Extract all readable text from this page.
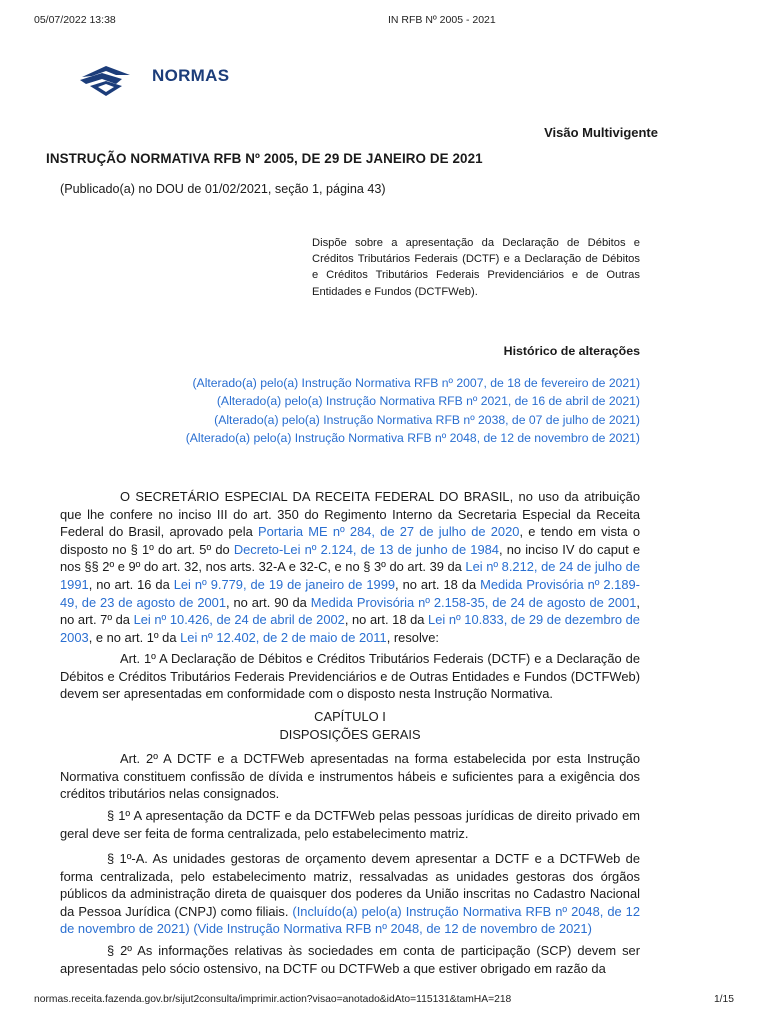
05/07/2022 13:38	IN RFB Nº 2005 - 2021
NORMAS
Visão Multivigente
INSTRUÇÃO NORMATIVA RFB Nº 2005, DE 29 DE JANEIRO DE 2021
(Publicado(a) no DOU de 01/02/2021, seção 1, página 43)
Dispõe sobre a apresentação da Declaração de Débitos e Créditos Tributários Federais (DCTF) e a Declaração de Débitos e Créditos Tributários Federais Previdenciários e de Outras Entidades e Fundos (DCTFWeb).
Histórico de alterações
(Alterado(a) pelo(a) Instrução Normativa RFB nº 2007, de 18 de fevereiro de 2021)
(Alterado(a) pelo(a) Instrução Normativa RFB nº 2021, de 16 de abril de 2021)
(Alterado(a) pelo(a) Instrução Normativa RFB nº 2038, de 07 de julho de 2021)
(Alterado(a) pelo(a) Instrução Normativa RFB nº 2048, de 12 de novembro de 2021)

O SECRETÁRIO ESPECIAL DA RECEITA FEDERAL DO BRASIL, no uso da atribuição que lhe confere no inciso III do art. 350 do Regimento Interno da Secretaria Especial da Receita Federal do Brasil, aprovado pela Portaria ME nº 284, de 27 de julho de 2020, e tendo em vista o disposto no § 1º do art. 5º do Decreto-Lei nº 2.124, de 13 de junho de 1984, no inciso IV do caput e nos §§ 2º e 9º do art. 32, nos arts. 32-A e 32-C, e no § 3º do art. 39 da Lei nº 8.212, de 24 de julho de 1991, no art. 16 da Lei nº 9.779, de 19 de janeiro de 1999, no art. 18 da Medida Provisória nº 2.189-49, de 23 de agosto de 2001, no art. 90 da Medida Provisória nº 2.158-35, de 24 de agosto de 2001, no art. 7º da Lei nº 10.426, de 24 de abril de 2002, no art. 18 da Lei nº 10.833, de 29 de dezembro de 2003, e no art. 1º da Lei nº 12.402, de 2 de maio de 2011, resolve:

Art. 1º A Declaração de Débitos e Créditos Tributários Federais (DCTF) e a Declaração de Débitos e Créditos Tributários Federais Previdenciários e de Outras Entidades e Fundos (DCTFWeb) devem ser apresentadas em conformidade com o disposto nesta Instrução Normativa.

CAPÍTULO I
DISPOSIÇÕES GERAIS

Art. 2º A DCTF e a DCTFWeb apresentadas na forma estabelecida por esta Instrução Normativa constituem confissão de dívida e instrumentos hábeis e suficientes para a exigência dos créditos tributários nelas consignados.

§ 1º A apresentação da DCTF e da DCTFWeb pelas pessoas jurídicas de direito privado em geral deve ser feita de forma centralizada, pelo estabelecimento matriz.

§ 1º-A. As unidades gestoras de orçamento devem apresentar a DCTF e a DCTFWeb de forma centralizada, pelo estabelecimento matriz, ressalvadas as unidades gestoras dos órgãos públicos da administração direta de quaisquer dos poderes da União inscritas no Cadastro Nacional da Pessoa Jurídica (CNPJ) como filiais. (Incluído(a) pelo(a) Instrução Normativa RFB nº 2048, de 12 de novembro de 2021) (Vide Instrução Normativa RFB nº 2048, de 12 de novembro de 2021)

§ 2º As informações relativas às sociedades em conta de participação (SCP) devem ser apresentadas pelo sócio ostensivo, na DCTF ou DCTFWeb a que estiver obrigado em razão da

normas.receita.fazenda.gov.br/sijut2consulta/imprimir.action?visao=anotado&idAto=115131&tamHA=218	1/15
